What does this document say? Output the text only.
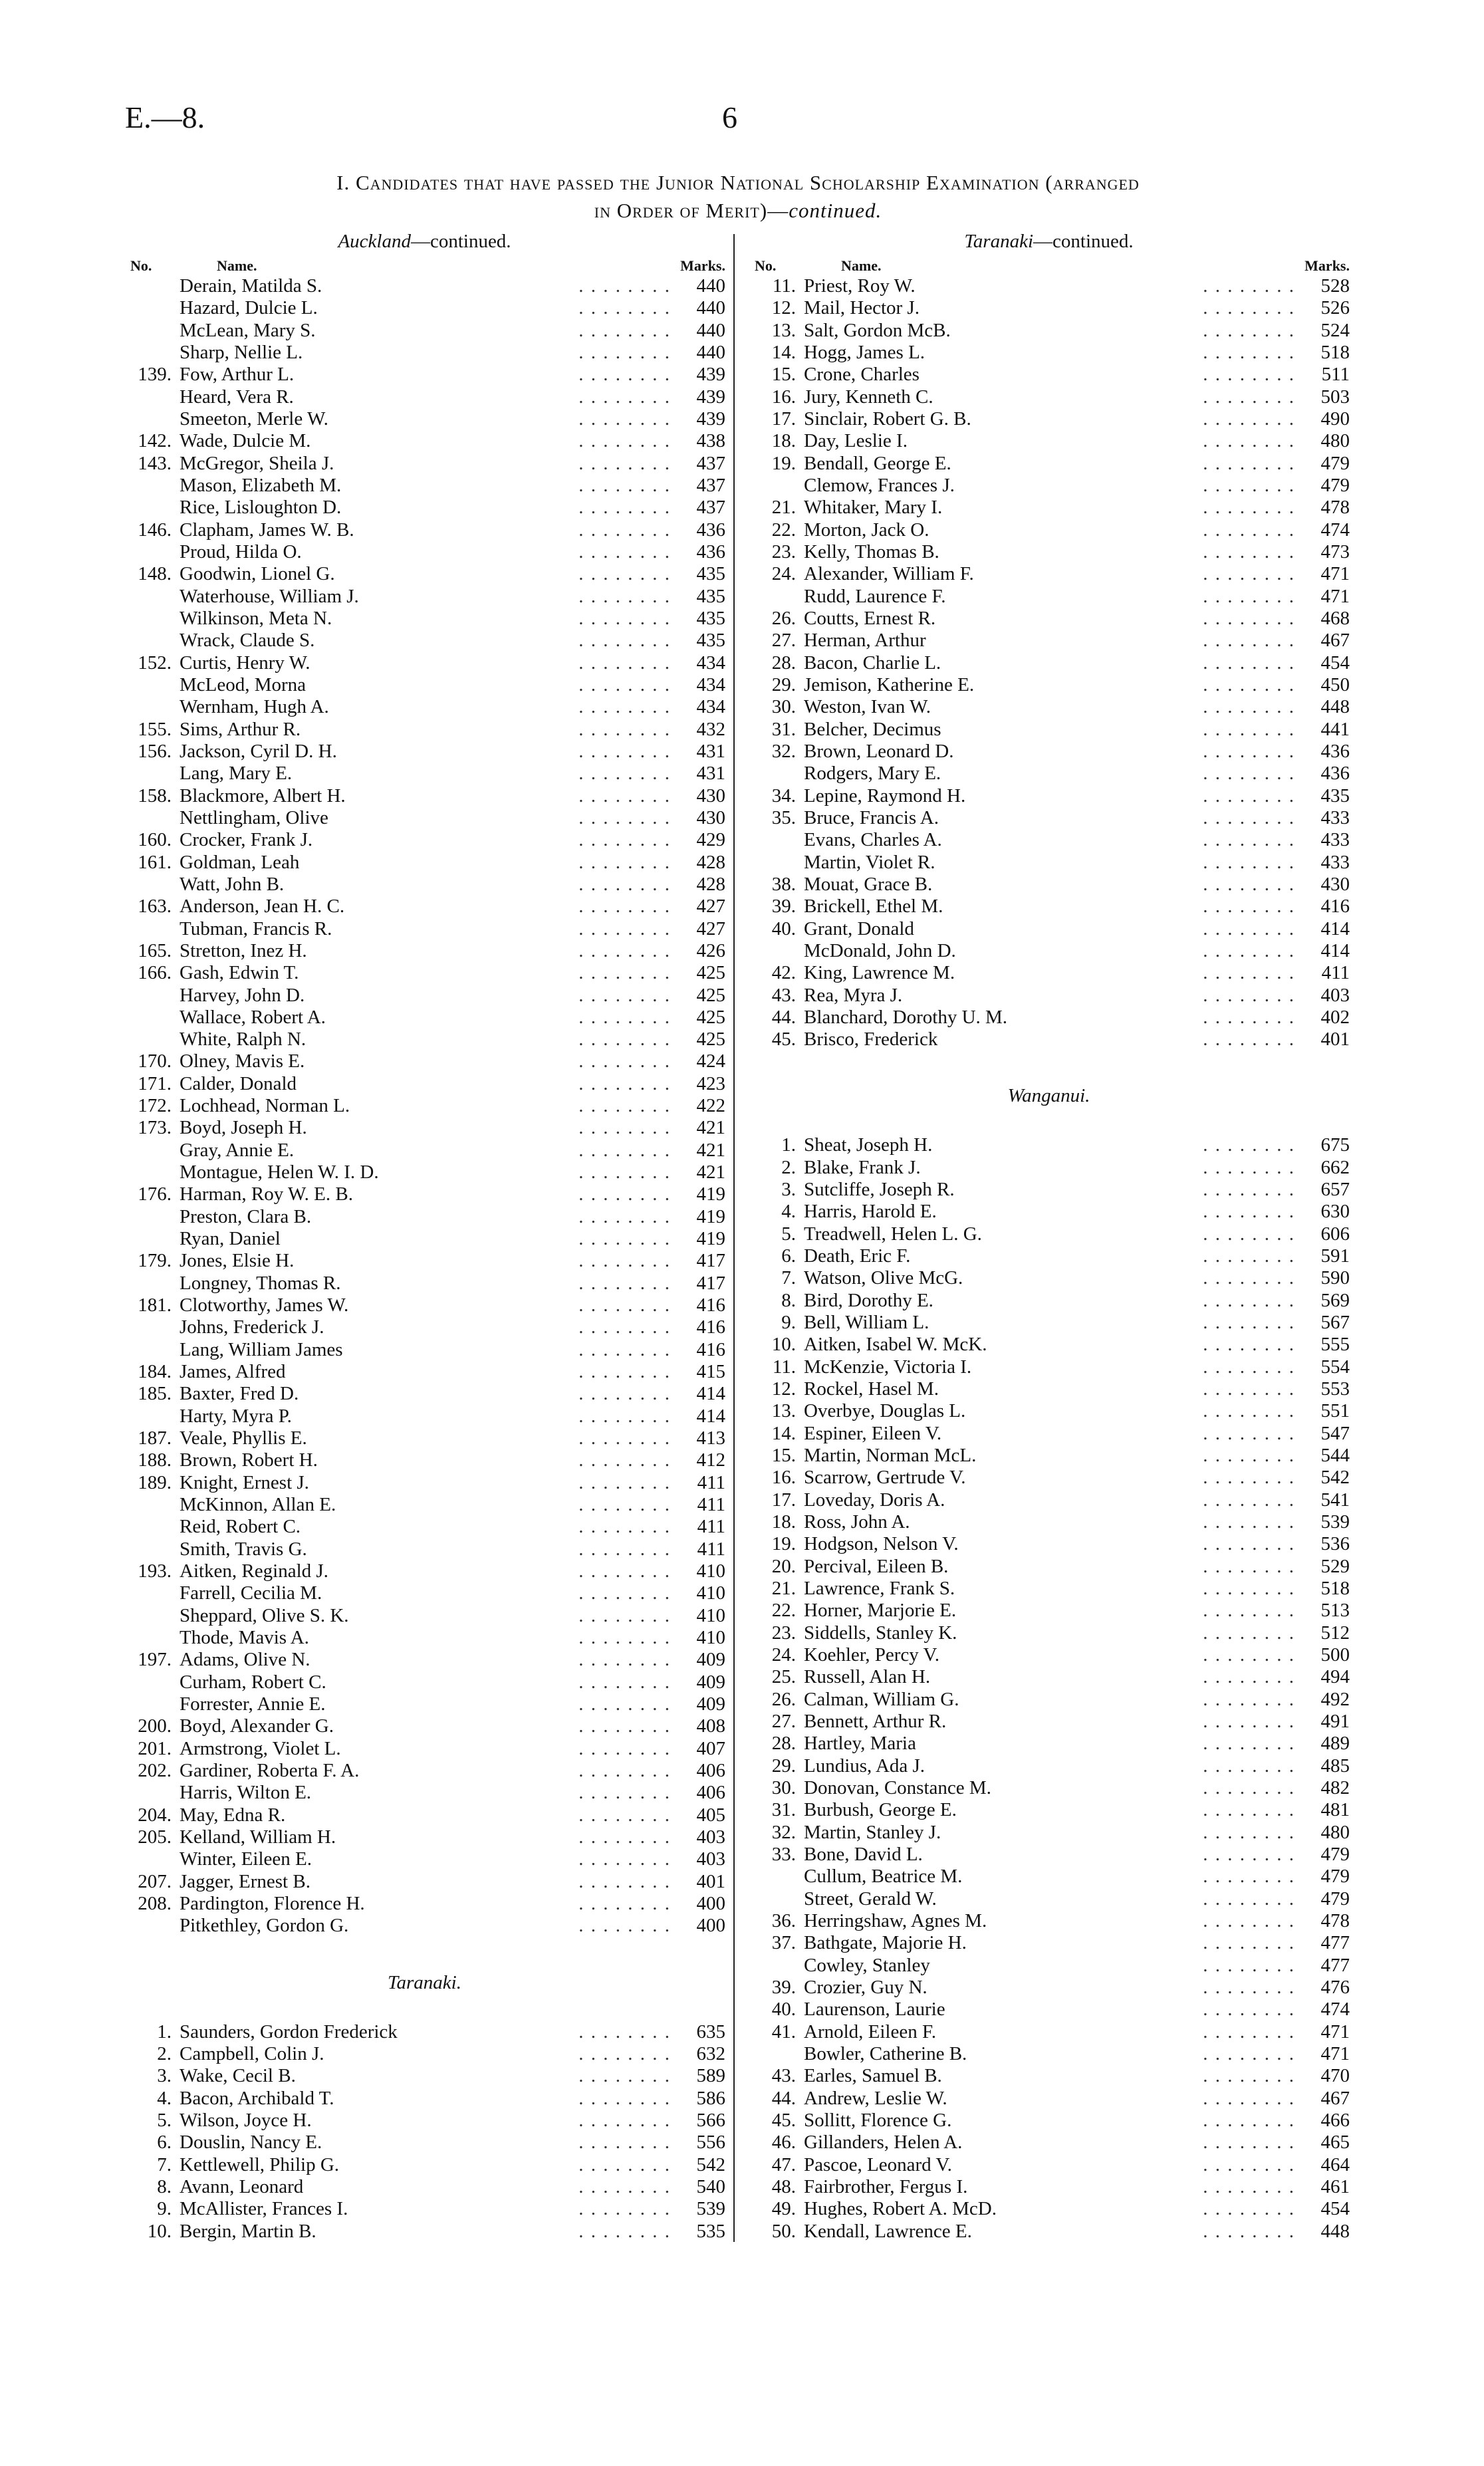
E.—8.	6
I. Candidates that have passed the Junior National Scholarship Examination (arranged
in Order of Merit)—continued.
Auckland—continued.
No.	Name.	Marks.
. . . . . . . .
Derain, Matilda S.	440
. . . . . . . .
Hazard, Dulcie L.	440
. . . . . . . .
McLean, Mary S.	440
. . . . . . . .
Sharp, Nellie L.	440
. . . . . . . .
139. Fow, Arthur L.	439
. . . . . . . .
Heard, Vera R.	439
. . . . . . . .
Smeeton, Merle W.	439
. . . . . . . .
142. Wade, Dulcie M.	438
. . . . . . . .
143. McGregor, Sheila J.	437
. . . . . . . .
Mason, Elizabeth M.	437
. . . . . . . .
Rice, Lisloughton D.	437
. . . . . . . .
146. Clapham, James W. B.	436
. . . . . . . .
Proud, Hilda O.	436
. . . . . . . .
148. Goodwin, Lionel G.	435
. . . . . . . .
Waterhouse, William J.	435
. . . . . . . .
Wilkinson, Meta N.	435
. . . . . . . .
Wrack, Claude S.	435
. . . . . . . .
152. Curtis, Henry W.	434
. . . . . . . .
McLeod, Morna	434
. . . . . . . .
Wernham, Hugh A.	434
. . . . . . . .
155. Sims, Arthur R.	432
. . . . . . . .
156. Jackson, Cyril D. H.	431
. . . . . . . .
Lang, Mary E.	431
. . . . . . . .
158. Blackmore, Albert H.	430
. . . . . . . .
Nettlingham, Olive	430
. . . . . . . .
160. Crocker, Frank J.	429
. . . . . . . .
161. Goldman, Leah	428
. . . . . . . .
Watt, John B.	428
. . . . . . . .
163. Anderson, Jean H. C.	427
. . . . . . . .
Tubman, Francis R.	427
. . . . . . . .
165. Stretton, Inez H.	426
. . . . . . . .
166. Gash, Edwin T.	425
. . . . . . . .
Harvey, John D.	425
. . . . . . . .
Wallace, Robert A.	425
. . . . . . . .
White, Ralph N.	425
. . . . . . . .
170. Olney, Mavis E.	424
. . . . . . . .
171. Calder, Donald	423
. . . . . . . .
172. Lochhead, Norman L.	422
. . . . . . . .
173. Boyd, Joseph H.	421
. . . . . . . .
Gray, Annie E.	421
. . . . . . . .
Montague, Helen W. I. D.	421
. . . . . . . .
176. Harman, Roy W. E. B.	419
. . . . . . . .
Preston, Clara B.	419
. . . . . . . .
Ryan, Daniel	419
. . . . . . . .
179. Jones, Elsie H.	417
. . . . . . . .
Longney, Thomas R.	417
. . . . . . . .
181. Clotworthy, James W.	416
. . . . . . . .
Johns, Frederick J.	416
. . . . . . . .
Lang, William James	416
. . . . . . . .
184. James, Alfred	415
. . . . . . . .
185. Baxter, Fred D.	414
. . . . . . . .
Harty, Myra P.	414
. . . . . . . .
187. Veale, Phyllis E.	413
. . . . . . . .
188. Brown, Robert H.	412
. . . . . . . .
189. Knight, Ernest J.	411
. . . . . . . .
McKinnon, Allan E.	411
. . . . . . . .
Reid, Robert C.	411
. . . . . . . .
Smith, Travis G.	411
. . . . . . . .
193. Aitken, Reginald J.	410
. . . . . . . .
Farrell, Cecilia M.	410
. . . . . . . .
Sheppard, Olive S. K.	410
. . . . . . . .
Thode, Mavis A.	410
. . . . . . . .
197. Adams, Olive N.	409
. . . . . . . .
Curham, Robert C.	409
. . . . . . . .
Forrester, Annie E.	409
. . . . . . . .
200. Boyd, Alexander G.	408
. . . . . . . .
201. Armstrong, Violet L.	407
. . . . . . . .
202. Gardiner, Roberta F. A.	406
. . . . . . . .
Harris, Wilton E.	406
. . . . . . . .
204. May, Edna R.	405
. . . . . . . .
205. Kelland, William H.	403
. . . . . . . .
Winter, Eileen E.	403
. . . . . . . .
207. Jagger, Ernest B.	401
. . . . . . . .
208. Pardington, Florence H.	400
. . . . . . . .
Pitkethley, Gordon G.	400
Taranaki.
. . . . . . . .
1. Saunders, Gordon Frederick	635
. . . . . . . .
2. Campbell, Colin J.	632
. . . . . . . .
3. Wake, Cecil B.	589
. . . . . . . .
4. Bacon, Archibald T.	586
. . . . . . . .
5. Wilson, Joyce H.	566
. . . . . . . .
6. Douslin, Nancy E.	556
. . . . . . . .
7. Kettlewell, Philip G.	542
. . . . . . . .
8. Avann, Leonard	540
. . . . . . . .
9. McAllister, Frances I.	539
. . . . . . . .
10. Bergin, Martin B.	535
Taranaki—continued.
No.	Name.	Marks.
. . . . . . . .
11. Priest, Roy W.	528
. . . . . . . .
12. Mail, Hector J.	526
. . . . . . . .
13. Salt, Gordon McB.	524
. . . . . . . .
14. Hogg, James L.	518
. . . . . . . .
15. Crone, Charles	511
. . . . . . . .
16. Jury, Kenneth C.	503
. . . . . . . .
17. Sinclair, Robert G. B.	490
. . . . . . . .
18. Day, Leslie I.	480
. . . . . . . .
19. Bendall, George E.	479
. . . . . . . .
Clemow, Frances J.	479
. . . . . . . .
21. Whitaker, Mary I.	478
. . . . . . . .
22. Morton, Jack O.	474
. . . . . . . .
23. Kelly, Thomas B.	473
. . . . . . . .
24. Alexander, William F.	471
. . . . . . . .
Rudd, Laurence F.	471
. . . . . . . .
26. Coutts, Ernest R.	468
. . . . . . . .
27. Herman, Arthur	467
. . . . . . . .
28. Bacon, Charlie L.	454
. . . . . . . .
29. Jemison, Katherine E.	450
. . . . . . . .
30. Weston, Ivan W.	448
. . . . . . . .
31. Belcher, Decimus	441
. . . . . . . .
32. Brown, Leonard D.	436
. . . . . . . .
Rodgers, Mary E.	436
. . . . . . . .
34. Lepine, Raymond H.	435
. . . . . . . .
35. Bruce, Francis A.	433
. . . . . . . .
Evans, Charles A.	433
. . . . . . . .
Martin, Violet R.	433
. . . . . . . .
38. Mouat, Grace B.	430
. . . . . . . .
39. Brickell, Ethel M.	416
. . . . . . . .
40. Grant, Donald	414
. . . . . . . .
McDonald, John D.	414
. . . . . . . .
42. King, Lawrence M.	411
. . . . . . . .
43. Rea, Myra J.	403
. . . . . . . .
44. Blanchard, Dorothy U. M.	402
. . . . . . . .
45. Brisco, Frederick	401
Wanganui.
. . . . . . . .
1. Sheat, Joseph H.	675
. . . . . . . .
2. Blake, Frank J.	662
. . . . . . . .
3. Sutcliffe, Joseph R.	657
. . . . . . . .
4. Harris, Harold E.	630
. . . . . . . .
5. Treadwell, Helen L. G.	606
. . . . . . . .
6. Death, Eric F.	591
. . . . . . . .
7. Watson, Olive McG.	590
. . . . . . . .
8. Bird, Dorothy E.	569
. . . . . . . .
9. Bell, William L.	567
. . . . . . . .
10. Aitken, Isabel W. McK.	555
. . . . . . . .
11. McKenzie, Victoria I.	554
. . . . . . . .
12. Rockel, Hasel M.	553
. . . . . . . .
13. Overbye, Douglas L.	551
. . . . . . . .
14. Espiner, Eileen V.	547
. . . . . . . .
15. Martin, Norman McL.	544
. . . . . . . .
16. Scarrow, Gertrude V.	542
. . . . . . . .
17. Loveday, Doris A.	541
. . . . . . . .
18. Ross, John A.	539
. . . . . . . .
19. Hodgson, Nelson V.	536
. . . . . . . .
20. Percival, Eileen B.	529
. . . . . . . .
21. Lawrence, Frank S.	518
. . . . . . . .
22. Horner, Marjorie E.	513
. . . . . . . .
23. Siddells, Stanley K.	512
. . . . . . . .
24. Koehler, Percy V.	500
. . . . . . . .
25. Russell, Alan H.	494
. . . . . . . .
26. Calman, William G.	492
. . . . . . . .
27. Bennett, Arthur R.	491
. . . . . . . .
28. Hartley, Maria	489
. . . . . . . .
29. Lundius, Ada J.	485
. . . . . . . .
30. Donovan, Constance M.	482
. . . . . . . .
31. Burbush, George E.	481
. . . . . . . .
32. Martin, Stanley J.	480
. . . . . . . .
33. Bone, David L.	479
. . . . . . . .
Cullum, Beatrice M.	479
. . . . . . . .
Street, Gerald W.	479
. . . . . . . .
36. Herringshaw, Agnes M.	478
. . . . . . . .
37. Bathgate, Majorie H.	477
. . . . . . . .
Cowley, Stanley	477
. . . . . . . .
39. Crozier, Guy N.	476
. . . . . . . .
40. Laurenson, Laurie	474
. . . . . . . .
41. Arnold, Eileen F.	471
. . . . . . . .
Bowler, Catherine B.	471
. . . . . . . .
43. Earles, Samuel B.	470
. . . . . . . .
44. Andrew, Leslie W.	467
. . . . . . . .
45. Sollitt, Florence G.	466
. . . . . . . .
46. Gillanders, Helen A.	465
. . . . . . . .
47. Pascoe, Leonard V.	464
. . . . . . . .
48. Fairbrother, Fergus I.	461
. . . . . . . .
49. Hughes, Robert A. McD.	454
. . . . . . . .
50. Kendall, Lawrence E.	448
